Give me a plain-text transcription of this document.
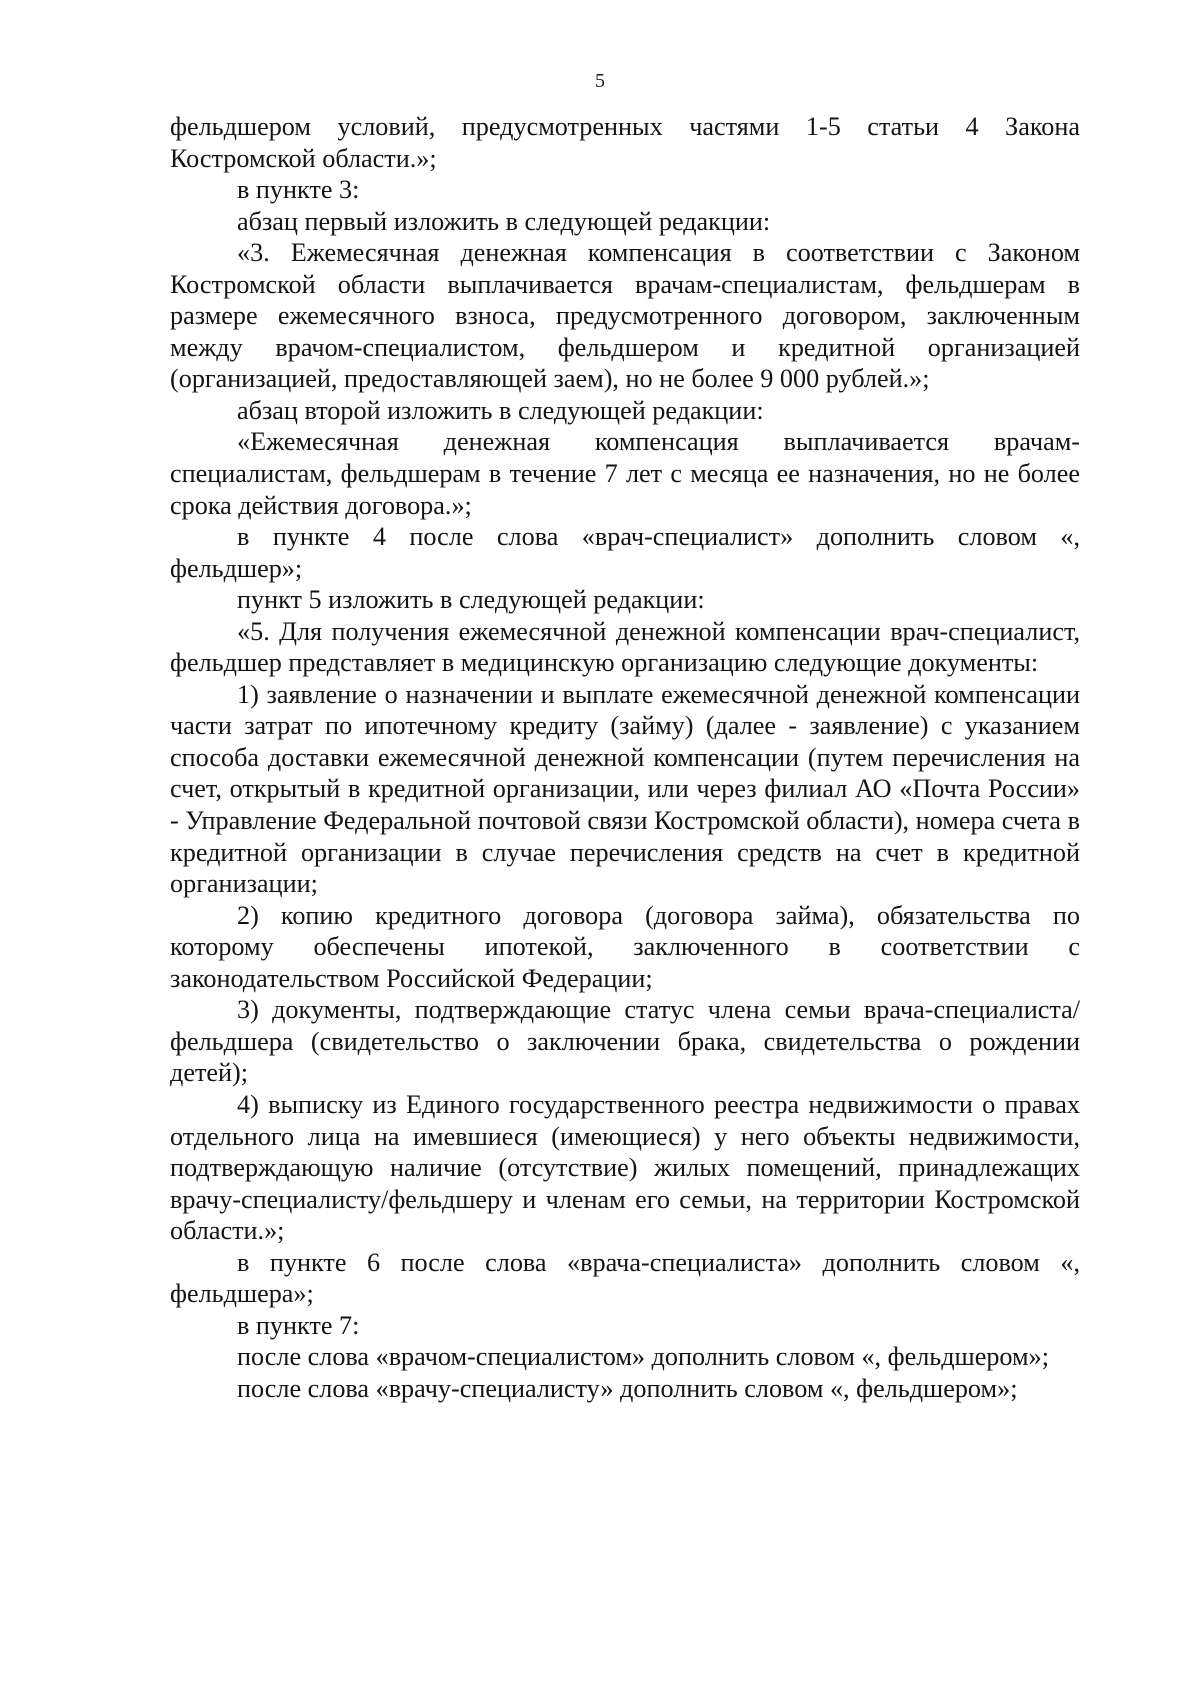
5

фельдшером условий, предусмотренных частями 1-5 статьи 4 Закона Костромской области.»;

в пункте 3:

абзац первый изложить в следующей редакции:

«3. Ежемесячная денежная компенсация в соответствии с Законом Костромской области выплачивается врачам-специалистам, фельдшерам в размере ежемесячного взноса, предусмотренного договором, заключенным между врачом-специалистом, фельдшером и кредитной организацией (организацией, предоставляющей заем), но не более 9 000 рублей.»;

абзац второй изложить в следующей редакции:

«Ежемесячная денежная компенсация выплачивается врачам-специалистам, фельдшерам в течение 7 лет с месяца ее назначения, но не более срока действия договора.»;

в пункте 4 после слова «врач-специалист» дополнить словом «, фельдшер»;

пункт 5 изложить в следующей редакции:

«5. Для получения ежемесячной денежной компенсации врач-специалист, фельдшер представляет в медицинскую организацию следующие документы:

1) заявление о назначении и выплате ежемесячной денежной компенсации части затрат по ипотечному кредиту (займу) (далее - заявление) с указанием способа доставки ежемесячной денежной компенсации (путем перечисления на счет, открытый в кредитной организации, или через филиал АО «Почта России» - Управление Федеральной почтовой связи Костромской области), номера счета в кредитной организации в случае перечисления средств на счет в кредитной организации;

2) копию кредитного договора (договора займа), обязательства по которому обеспечены ипотекой, заключенного в соответствии с законодательством Российской Федерации;

3) документы, подтверждающие статус члена семьи врача-специалиста/фельдшера (свидетельство о заключении брака, свидетельства о рождении детей);

4) выписку из Единого государственного реестра недвижимости о правах отдельного лица на имевшиеся (имеющиеся) у него объекты недвижимости, подтверждающую наличие (отсутствие) жилых помещений, принадлежащих врачу-специалисту/фельдшеру и членам его семьи, на территории Костромской области.»;

в пункте 6 после слова «врача-специалиста» дополнить словом «, фельдшера»;

в пункте 7:

после слова «врачом-специалистом» дополнить словом «, фельдшером»;

после слова «врачу-специалисту» дополнить словом «, фельдшером»;
